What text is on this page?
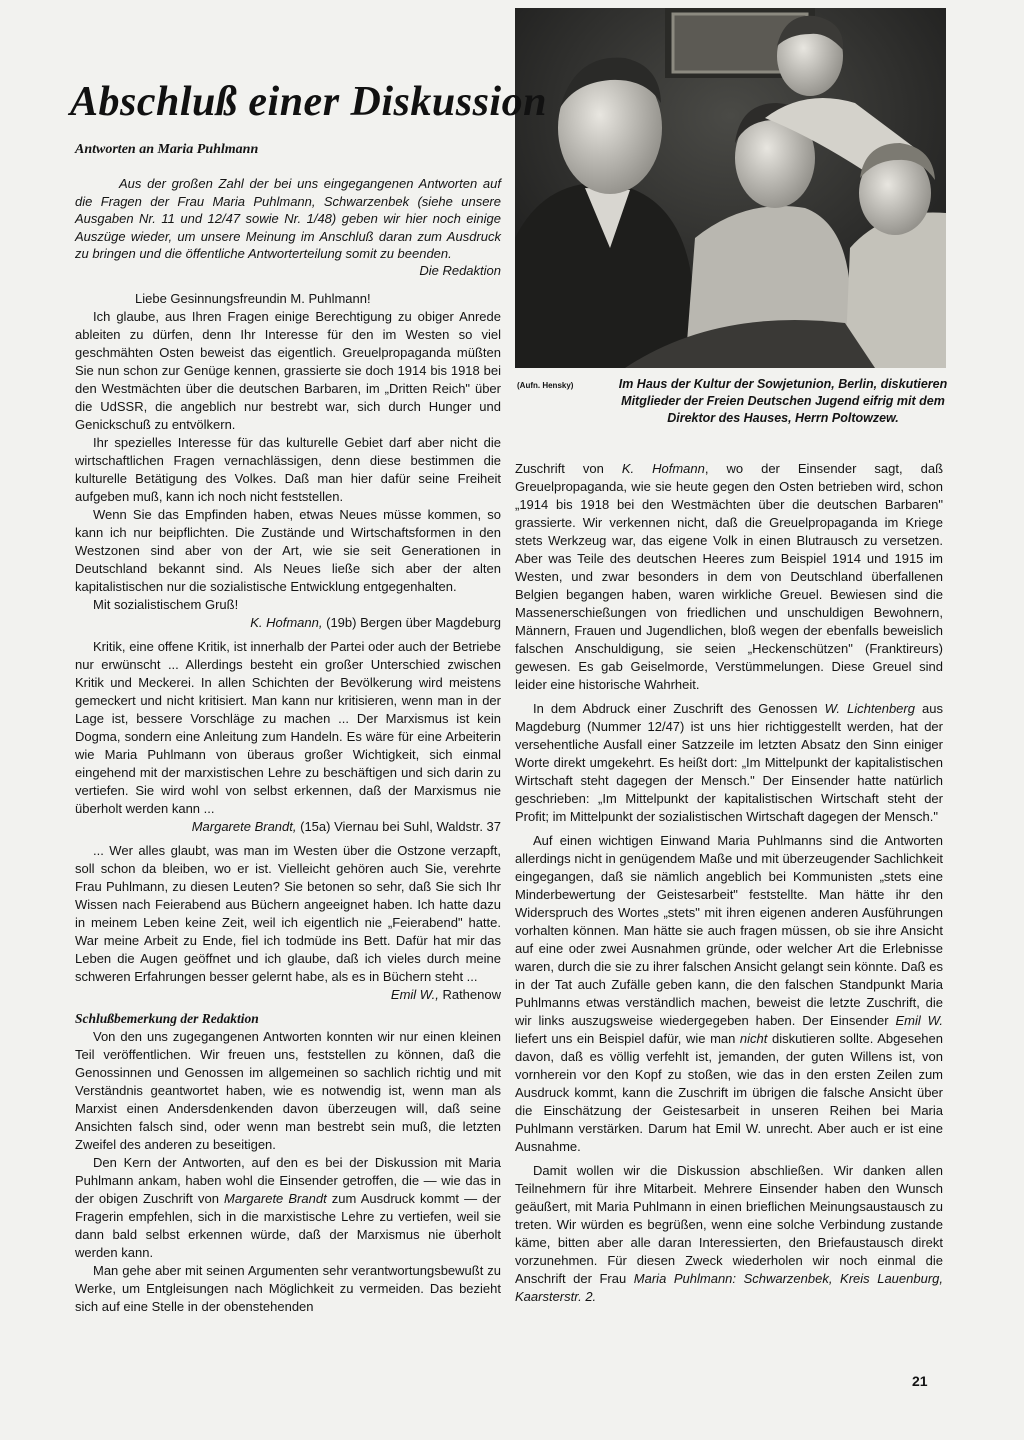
Abschluß einer Diskussion
Antworten an Maria Puhlmann
Aus der großen Zahl der bei uns eingegangenen Antworten auf die Fragen der Frau Maria Puhlmann, Schwarzenbek (siehe unsere Ausgaben Nr. 11 und 12/47 sowie Nr. 1/48) geben wir hier noch einige Auszüge wieder, um unsere Meinung im Anschluß daran zum Ausdruck zu bringen und die öffentliche Antworterteilung somit zu beenden.
Die Redaktion
(Aufn. Hensky)	Im Haus der Kultur der Sowjetunion, Berlin, diskutieren Mitglieder der Freien Deutschen Jugend eifrig mit dem Direktor des Hauses, Herrn Poltowzew.

Liebe Gesinnungsfreundin M. Puhlmann!

Ich glaube, aus Ihren Fragen einige Berechtigung zu obiger Anrede ableiten zu dürfen, denn Ihr Interesse für den im Westen so viel geschmähten Osten beweist das eigentlich. Greuelpropaganda müßten Sie nun schon zur Genüge kennen, grassierte sie doch 1914 bis 1918 bei den Westmächten über die deutschen Barbaren, im „Dritten Reich" über die UdSSR, die angeblich nur bestrebt war, sich durch Hunger und Genickschuß zu entvölkern.

Ihr spezielles Interesse für das kulturelle Gebiet darf aber nicht die wirtschaftlichen Fragen vernachlässigen, denn diese bestimmen die kulturelle Betätigung des Volkes. Daß man hier dafür seine Freiheit aufgeben muß, kann ich noch nicht feststellen.

Wenn Sie das Empfinden haben, etwas Neues müsse kommen, so kann ich nur beipflichten. Die Zustände und Wirtschaftsformen in den Westzonen sind aber von der Art, wie sie seit Generationen in Deutschland bekannt sind. Als Neues ließe sich aber der alten kapitalistischen nur die sozialistische Entwicklung entgegenhalten.

Mit sozialistischem Gruß!

K. Hofmann, (19b) Bergen über Magdeburg

Kritik, eine offene Kritik, ist innerhalb der Partei oder auch der Betriebe nur erwünscht ... Allerdings besteht ein großer Unterschied zwischen Kritik und Meckerei. In allen Schichten der Bevölkerung wird meistens gemeckert und nicht kritisiert. Man kann nur kritisieren, wenn man in der Lage ist, bessere Vorschläge zu machen ... Der Marxismus ist kein Dogma, sondern eine Anleitung zum Handeln. Es wäre für eine Arbeiterin wie Maria Puhlmann von überaus großer Wichtigkeit, sich einmal eingehend mit der marxistischen Lehre zu beschäftigen und sich darin zu vertiefen. Sie wird wohl von selbst erkennen, daß der Marxismus nie überholt werden kann ...

Margarete Brandt, (15a) Viernau bei Suhl, Waldstr. 37

... Wer alles glaubt, was man im Westen über die Ostzone verzapft, soll schon da bleiben, wo er ist. Vielleicht gehören auch Sie, verehrte Frau Puhlmann, zu diesen Leuten? Sie betonen so sehr, daß Sie sich Ihr Wissen nach Feierabend aus Büchern angeeignet haben. Ich hatte dazu in meinem Leben keine Zeit, weil ich eigentlich nie „Feierabend" hatte. War meine Arbeit zu Ende, fiel ich todmüde ins Bett. Dafür hat mir das Leben die Augen geöffnet und ich glaube, daß ich vieles durch meine schweren Erfahrungen besser gelernt habe, als es in Büchern steht ...

Emil W., Rathenow

Schlußbemerkung der Redaktion

Von den uns zugegangenen Antworten konnten wir nur einen kleinen Teil veröffentlichen. Wir freuen uns, feststellen zu können, daß die Genossinnen und Genossen im allgemeinen so sachlich richtig und mit Verständnis geantwortet haben, wie es notwendig ist, wenn man als Marxist einen Andersdenkenden davon überzeugen will, daß seine Ansichten falsch sind, oder wenn man bestrebt sein muß, die letzten Zweifel des anderen zu beseitigen.

Den Kern der Antworten, auf den es bei der Diskussion mit Maria Puhlmann ankam, haben wohl die Einsender getroffen, die — wie das in der obigen Zuschrift von Margarete Brandt zum Ausdruck kommt — der Fragerin empfehlen, sich in die marxistische Lehre zu vertiefen, weil sie dann bald selbst erkennen würde, daß der Marxismus nie überholt werden kann.

Man gehe aber mit seinen Argumenten sehr verantwortungsbewußt zu Werke, um Entgleisungen nach Möglichkeit zu vermeiden. Das bezieht sich auf eine Stelle in der obenstehenden

Zuschrift von K. Hofmann, wo der Einsender sagt, daß Greuelpropaganda, wie sie heute gegen den Osten betrieben wird, schon „1914 bis 1918 bei den Westmächten über die deutschen Barbaren" grassierte. Wir verkennen nicht, daß die Greuelpropaganda im Kriege stets Werkzeug war, das eigene Volk in einen Blutrausch zu versetzen. Aber was Teile des deutschen Heeres zum Beispiel 1914 und 1915 im Westen, und zwar besonders in dem von Deutschland überfallenen Belgien begangen haben, waren wirkliche Greuel. Bewiesen sind die Massenerschießungen von friedlichen und unschuldigen Bewohnern, Männern, Frauen und Jugendlichen, bloß wegen der ebenfalls beweislich falschen Anschuldigung, sie seien „Heckenschützen" (Franktireurs) gewesen. Es gab Geiselmorde, Verstümmelungen. Diese Greuel sind leider eine historische Wahrheit.

In dem Abdruck einer Zuschrift des Genossen W. Lichtenberg aus Magdeburg (Nummer 12/47) ist uns hier richtiggestellt werden, hat der versehentliche Ausfall einer Satzzeile im letzten Absatz den Sinn einiger Worte direkt umgekehrt. Es heißt dort: „Im Mittelpunkt der kapitalistischen Wirtschaft steht dagegen der Mensch." Der Einsender hatte natürlich geschrieben: „Im Mittelpunkt der kapitalistischen Wirtschaft steht der Profit; im Mittelpunkt der sozialistischen Wirtschaft dagegen der Mensch."

Auf einen wichtigen Einwand Maria Puhlmanns sind die Antworten allerdings nicht in genügendem Maße und mit überzeugender Sachlichkeit eingegangen, daß sie nämlich angeblich bei Kommunisten „stets eine Minderbewertung der Geistesarbeit" feststellte. Man hätte ihr den Widerspruch des Wortes „stets" mit ihren eigenen anderen Ausführungen vorhalten können. Man hätte sie auch fragen müssen, ob sie ihre Ansicht auf eine oder zwei Ausnahmen gründe, oder welcher Art die Erlebnisse waren, durch die sie zu ihrer falschen Ansicht gelangt sein könnte. Daß es in der Tat auch Zufälle geben kann, die den falschen Standpunkt Maria Puhlmanns etwas verständlich machen, beweist die letzte Zuschrift, die wir links auszugsweise wiedergegeben haben. Der Einsender Emil W. liefert uns ein Beispiel dafür, wie man nicht diskutieren sollte. Abgesehen davon, daß es völlig verfehlt ist, jemanden, der guten Willens ist, von vornherein vor den Kopf zu stoßen, wie das in den ersten Zeilen zum Ausdruck kommt, kann die Zuschrift im übrigen die falsche Ansicht über die Einschätzung der Geistesarbeit in unseren Reihen bei Maria Puhlmann verstärken. Darum hat Emil W. unrecht. Aber auch er ist eine Ausnahme.

Damit wollen wir die Diskussion abschließen. Wir danken allen Teilnehmern für ihre Mitarbeit. Mehrere Einsender haben den Wunsch geäußert, mit Maria Puhlmann in einen brieflichen Meinungsaustausch zu treten. Wir würden es begrüßen, wenn eine solche Verbindung zustande käme, bitten aber alle daran Interessierten, den Briefaustausch direkt vorzunehmen. Für diesen Zweck wiederholen wir noch einmal die Anschrift der Frau Maria Puhlmann: Schwarzenbek, Kreis Lauenburg, Kaarsterstr. 2.

21
